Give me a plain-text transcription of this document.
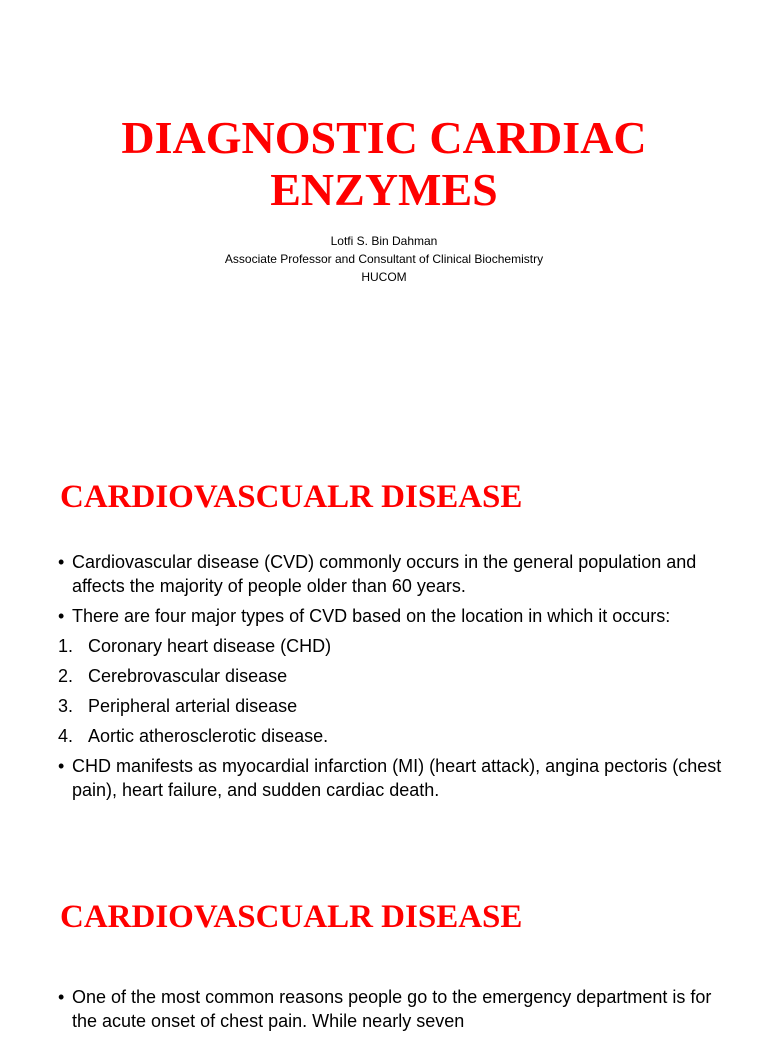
DIAGNOSTIC CARDIAC
ENZYMES
Lotfi S. Bin Dahman
Associate Professor and Consultant of Clinical Biochemistry
HUCOM
CARDIOVASCUALR DISEASE
• Cardiovascular disease (CVD) commonly occurs in the general population and affects the majority of people older than 60 years.
• There are four major types of CVD based on the location in which it occurs:
1. Coronary heart disease (CHD)
2. Cerebrovascular disease
3. Peripheral arterial disease
4. Aortic atherosclerotic disease.
• CHD manifests as myocardial infarction (MI) (heart attack), angina pectoris (chest pain), heart failure, and sudden cardiac death.
CARDIOVASCUALR DISEASE
• One of the most common reasons people go to the emergency department is for the acute onset of chest pain. While nearly seven
